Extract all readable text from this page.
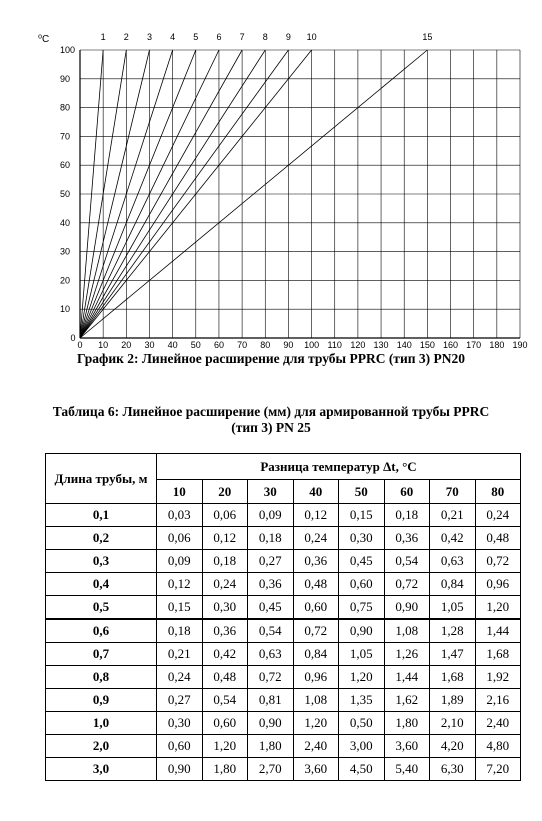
1 2 3 4 5 6 7 8 9 10	15
10
20
30
40
50
60
70
80
90
100
10 20 30 40 50 60 70 80 90 100 110 120 130 140 150 160 170 180 190
0
0
⁰С
График 2: Линейное расширение для трубы PPRC (тип 3) PN20
Таблица 6: Линейное расширение (мм) для армированной трубы PPRC
(тип 3) PN 25
Длина трубы, м	Разница температур Δt, °С							
	10	20	30	40	50	60	70	80
0,1	0,03	0,06	0,09	0,12	0,15	0,18	0,21	0,24
0,2	0,06	0,12	0,18	0,24	0,30	0,36	0,42	0,48
0,3	0,09	0,18	0,27	0,36	0,45	0,54	0,63	0,72
0,4	0,12	0,24	0,36	0,48	0,60	0,72	0,84	0,96
0,5	0,15	0,30	0,45	0,60	0,75	0,90	1,05	1,20
0,6	0,18	0,36	0,54	0,72	0,90	1,08	1,28	1,44
0,7	0,21	0,42	0,63	0,84	1,05	1,26	1,47	1,68
0,8	0,24	0,48	0,72	0,96	1,20	1,44	1,68	1,92
0,9	0,27	0,54	0,81	1,08	1,35	1,62	1,89	2,16
1,0	0,30	0,60	0,90	1,20	0,50	1,80	2,10	2,40
2,0	0,60	1,20	1,80	2,40	3,00	3,60	4,20	4,80
3,0	0,90	1,80	2,70	3,60	4,50	5,40	6,30	7,20
